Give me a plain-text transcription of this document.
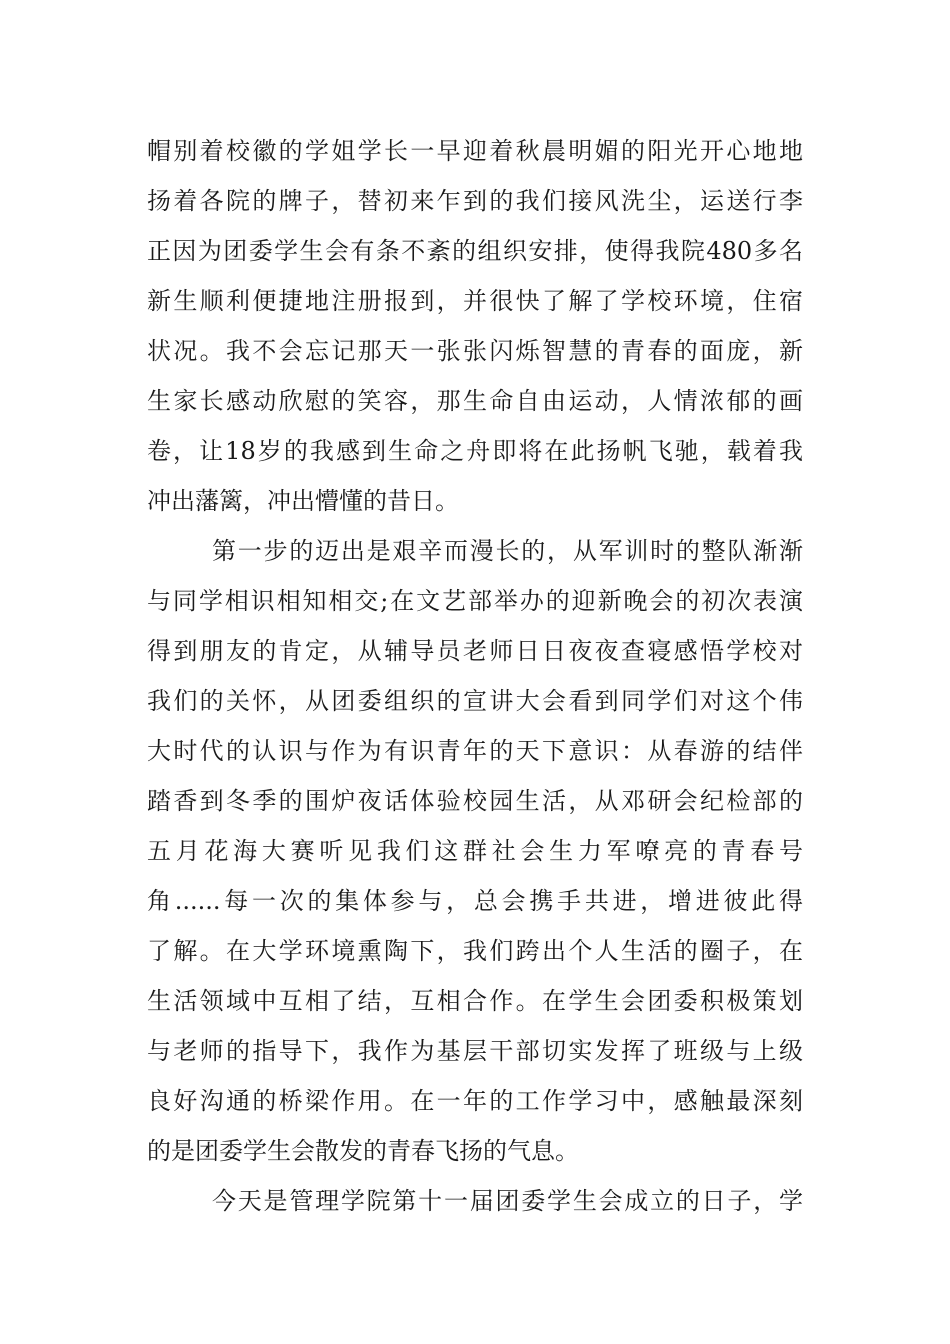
帽别着校徽的学姐学长一早迎着秋晨明媚的阳光开心地地
扬着各院的牌子，替初来乍到的我们接风洗尘，运送行李
正因为团委学生会有条不紊的组织安排，使得我院480多名
新生顺利便捷地注册报到，并很快了解了学校环境，住宿
状况。我不会忘记那天一张张闪烁智慧的青春的面庞，新
生家长感动欣慰的笑容，那生命自由运动，人情浓郁的画
卷，让18岁的我感到生命之舟即将在此扬帆飞驰，载着我
冲出藩篱，冲出懵懂的昔日。
第一步的迈出是艰辛而漫长的，从军训时的整队渐渐
与同学相识相知相交;在文艺部举办的迎新晚会的初次表演
得到朋友的肯定，从辅导员老师日日夜夜查寝感悟学校对
我们的关怀，从团委组织的宣讲大会看到同学们对这个伟
大时代的认识与作为有识青年的天下意识：从春游的结伴
踏香到冬季的围炉夜话体验校园生活，从邓研会纪检部的
五月花海大赛听见我们这群社会生力军嘹亮的青春号
角......每一次的集体参与，总会携手共进，增进彼此得
了解。在大学环境熏陶下，我们跨出个人生活的圈子，在
生活领域中互相了结，互相合作。在学生会团委积极策划
与老师的指导下，我作为基层干部切实发挥了班级与上级
良好沟通的桥梁作用。在一年的工作学习中，感触最深刻
的是团委学生会散发的青春飞扬的气息。
今天是管理学院第十一届团委学生会成立的日子，学
